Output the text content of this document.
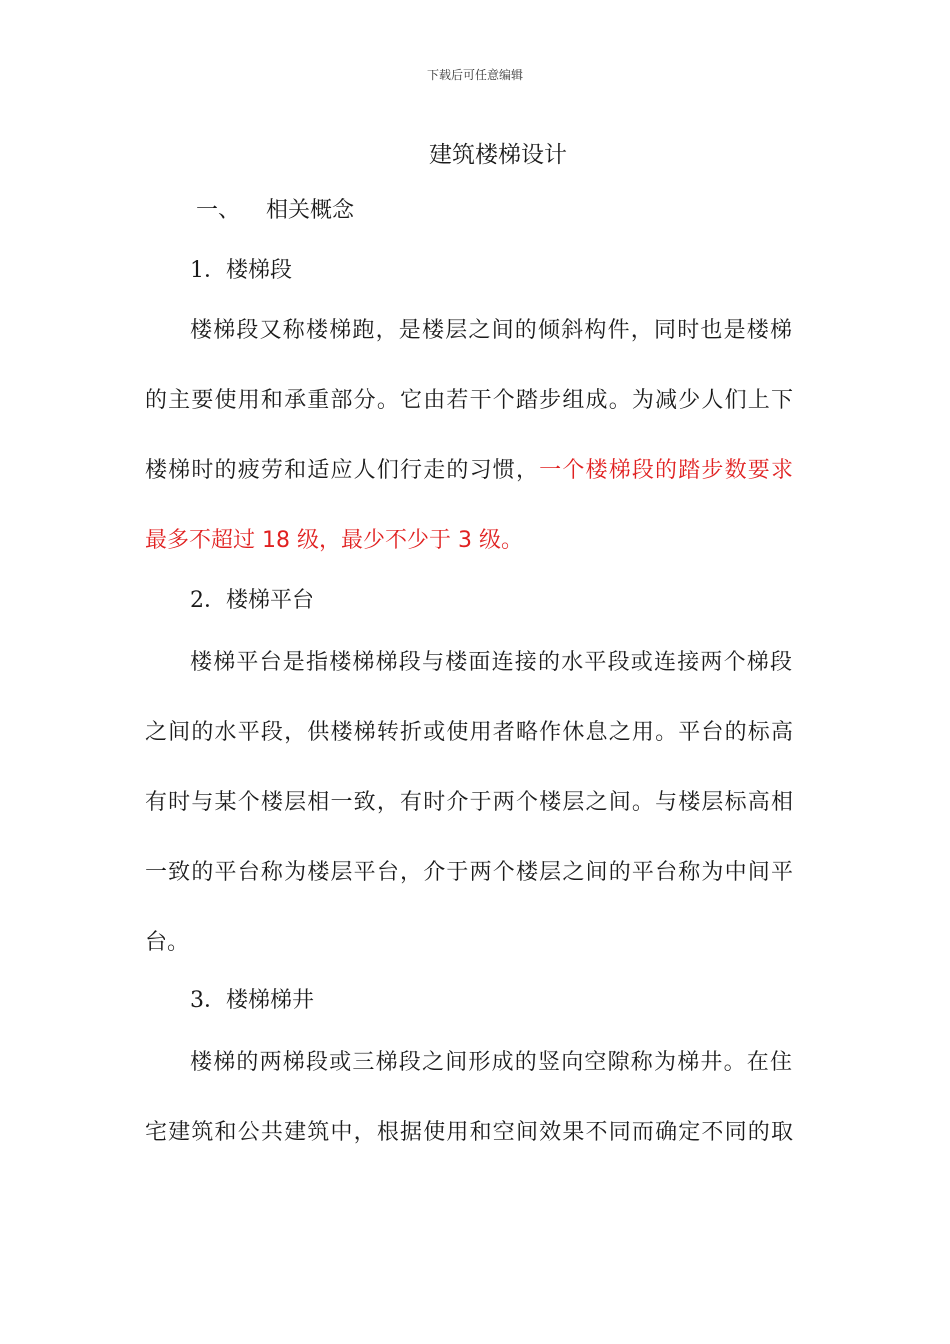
下载后可任意编辑
建筑楼梯设计
一、 相关概念
1．楼梯段
楼梯段又称楼梯跑，是楼层之间的倾斜构件，同时也是楼梯
的主要使用和承重部分。它由若干个踏步组成。为减少人们上下
楼梯时的疲劳和适应人们行走的习惯，一个楼梯段的踏步数要求
最多不超过 18 级，最少不少于 3 级。
2．楼梯平台
楼梯平台是指楼梯梯段与楼面连接的水平段或连接两个梯段
之间的水平段，供楼梯转折或使用者略作休息之用。平台的标高
有时与某个楼层相一致，有时介于两个楼层之间。与楼层标高相
一致的平台称为楼层平台，介于两个楼层之间的平台称为中间平
台。
3．楼梯梯井
楼梯的两梯段或三梯段之间形成的竖向空隙称为梯井。在住
宅建筑和公共建筑中，根据使用和空间效果不同而确定不同的取
